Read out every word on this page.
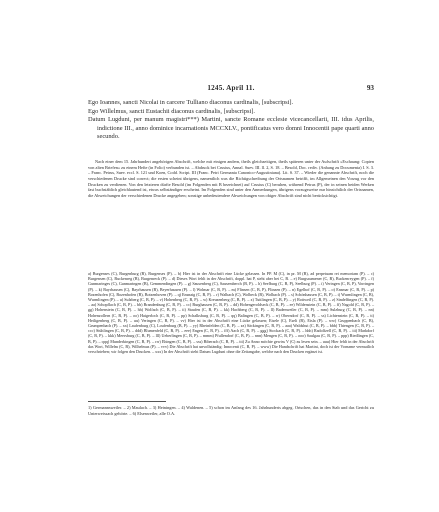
1245. April 11.	93

Ego Ioannes, sancti Nicolai in carcere Tulliano diaconus cardinalis, [subscripsi].

Ego Willelmus, sancti Eustachii diaconus cardinalis, [subscripsi].

Datum Lugduni, per manum magistri***) Martini, sancte Romane ecclesie vicecancellarii, III. idus Aprilis, indictione III., anno dominice incarnationis MCCXLV., pontificatus vero domni Innocentii pape quarti anno secundo.

Nach einer dem 15. Jahrhundert angehörigen Abschrift, welche mit einigen andern, theils gleichzeitigen, theils späteren unter der Aufschrift »Eschaung: Copien von alten Briefen« zu einem Hefte (in Folio) verbunden ist. – Abdruck bei Crusius, Annal. Suev. III. ll. 2, S. 18. – Besold, Doc. rediv. (Anhang zu Documenta) I. S. 3. – Franc. Petrus, Suev. eccl. S. 121 und Koen, Codd. Script. III (Franc. Petri Germania Canonico-Augustiniana). Lit. S. 37. – Wieder die genannte Abschrift, noch die verschiedenen Drucke sind correct; die ersten scheint übrigens, namentlich was die Richtigschreibung der Ortsnamen betrifft, im Allgemeinen den Vorzug vor den Drucken zu verdienen. Von den letzteren dürfte Besold (im Folgenden mit B bezeichnet) auf Crusius (C) beruhen, während Petrus (P), der in seinen beiden Werken fast buchstäblich gleichlautend ist, etwas selbständiger erscheint. Im Folgenden sind unter den Anmerkungen, übrigens vorzugsweise nur hinsichtlich der Ortsnamen, die Abweichungen der verschiedenen Drucke angegeben; sonstige unbedeutendere Abweichungen von obiger Abschrift sind nicht berücksichtigt.

a) Burgenses (C), Burgenburg (B), Burgenses (P). – b) Hier ist in der Abschrift eine Lücke gelassen. In PP. M (C), in pr. M (B), ad perpetuam rei memoriam (P). – c) Burgensen (C), Buckenreg (B), Burgenreck (P). – d) Dieses Wort fehlt in der Abschrift, doppl. hat P, steht aber bei C, B. – e) Burgsaumener (C, B), Buckenreygen (P). – f) Gunmaringes (C), Gunmaringen (B), Gemmendingen (P). – g) Sausenberg (C), Sausemberch (B, P). – h) Seelburg (C, B, P), Seelburg (P). – i) Veringen (C, B, P), Vorringen (P). – k) Bayrhausen (C), Bayrhausen (B), Beyerhausen (P). – l) Wolmar (C, B, P). – m) Flinsen (C, B, P), Flinzen (P). – n) Egelhof (C, B, P). – o) Ensmar (C, B, P). – p) Bozenhofen (C), Bozenhofen (B), Botzenhoven (P). – q) Ensnaig (C, B, P). – r) Walbach (C), Wolbeck (B), Wolbach (P). – s) Schönhausen (C, B, P). – t) Wurmlingen (C, B), Wurmlingen (P). – u) Sulzberg (C, B, P). – v) Hohenberg (C, B, P). – w) Kreuzenberg (C, B, P). – x) Tuttlingen (C, B, P). – y) Rottweil (C, B, P). – z) Sindelfingen (C, B, P). – aa) Schopflach (C, B, P). – bb) Brandenburg (C, B, P). – cc) Burghausen (C, B, P). – dd) Hohengeroldseck (C, B, P). – ee) Wildenstein (C, B, P). – ff) Nagold (C, B, P). – gg) Hohenstein (C, B, P). – hh) Wolfach (C, B, P). – ii) Staufen (C, B, P). – kk) Hachberg (C, B, P). – ll) Badenweiler (C, B, P). – mm) Sulzburg (C, B, P). – nn) Hohenzollern (C, B, P). – oo) Haigerloch (C, B, P). – pp) Schalksburg (C, B, P). – qq) Balingen (C, B, P). – rr) Oberndorf (C, B, P). – ss) Lichtenstein (C, B, P). – tt) Heiligenberg (C, B, P). – uu) Veringen (C, B, P). – vv) Hier ist in der Abschrift eine Lücke gelassen; Eisele (C), Eseli (B), Eisla (P). – ww) Gruppenbach (C, B), Grumpenbach (P). – xx) Laufenburg (C), Loufenburg (B, P). – yy) Rheinfelden (C, B, P). – zz) Säckingen (C, B, P). – aaa) Waldshut (C, B, P). – bbb) Thiengen (C, B, P). – ccc) Stühlingen (C, B, P). – ddd) Blumenfeld (C, B, P). – eee) Engen (C, B, P). – fff) Aach (C, B, P). – ggg) Stockach (C, B, P). – hhh) Radolfzell (C, B, P). – iii) Markdorf (C, B, P). – kkk) Meersburg (C, B, P). – lll) Ueberlingen (C, B, P). – mmm) Pfullendorf (C, B, P). – nnn) Mengen (C, B, P). – ooo) Saulgau (C, B, P). – ppp) Riedlingen (C, B, P). – qqq) Munderkingen (C, B, P). – rrr) Ehingen (C, B, P). – sss) Biberach (C, B, P). – ttt) Zu Anno möchte gewiss V (C) zu lesen sein. – uuu) Hier fehlt in der Abschrift das Wort, Willelm (C, B), Wilhelmus (P). – vvv) Die Abschrift hat unvollständig: Innocenti (C, B, P). – www) Die Handschrift hat Martini, doch ist der Vorname vermutlich verschrieben; wir folgen den Drucken. – xxx) In der Abschrift steht Datum Lugduni ohne die Zeitangabe, welche nach den Drucken ergänzt ist.

1) Germannsweiler. – 2) Maulach. – 3) Heiningen. – 4) Waldenen. – 5) schon im Anfang des 16. Jahrhunderts abgeg. Ortschen, das in den Stab und das Gericht zu Unterweissach gehörte. – 6) Elsenweiler, alle O.A.
